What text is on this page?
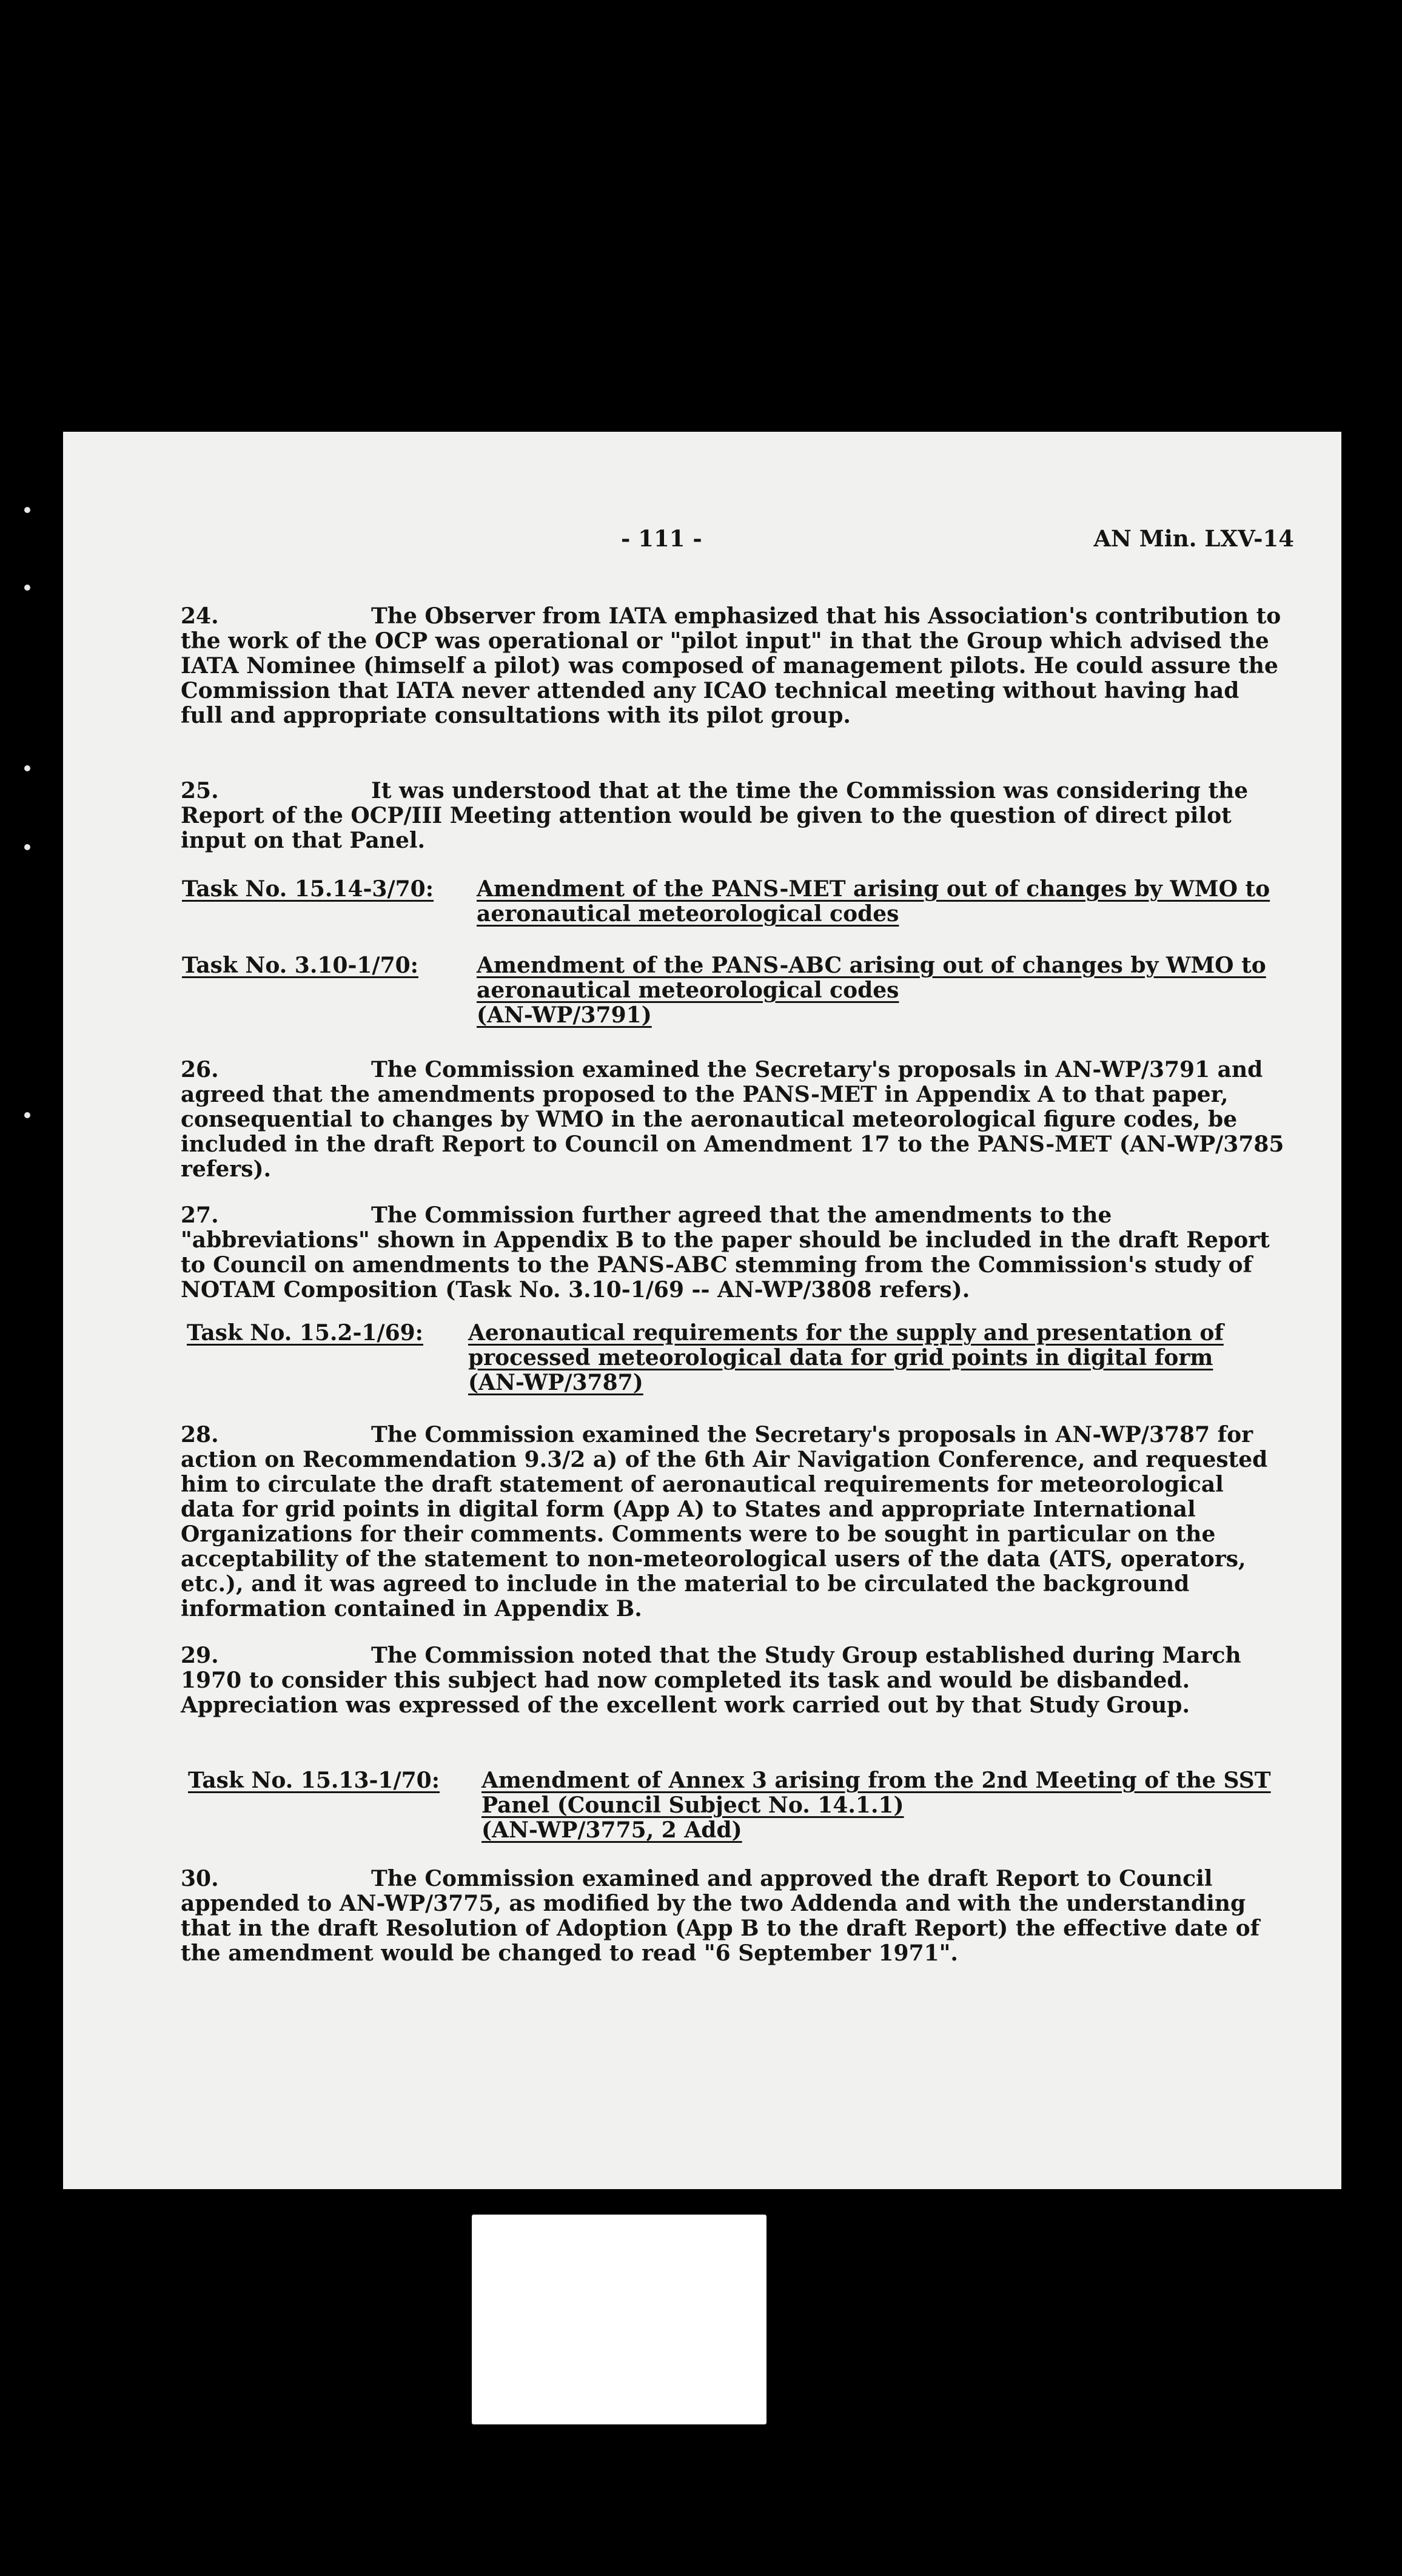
- 111 -	AN Min. LXV-14

24.	The Observer from IATA emphasized that his Association's contribution to the work of the OCP was operational or "pilot input" in that the Group which advised the IATA Nominee (himself a pilot) was composed of management pilots. He could assure the Commission that IATA never attended any ICAO technical meeting without having had full and appropriate consultations with its pilot group.

25.	It was understood that at the time the Commission was considering the Report of the OCP/III Meeting attention would be given to the question of direct pilot input on that Panel.

Task No. 15.14-3/70: Amendment of the PANS-MET arising out of changes by WMO to aeronautical meteorological codes
Task No. 3.10-1/70:	Amendment of the PANS-ABC arising out of changes by WMO to aeronautical meteorological codes
(AN-WP/3791)

26.	The Commission examined the Secretary's proposals in AN-WP/3791 and agreed that the amendments proposed to the PANS-MET in Appendix A to that paper, consequential to changes by WMO in the aeronautical meteorological figure codes, be included in the draft Report to Council on Amendment 17 to the PANS-MET (AN-WP/3785 refers).

27.	The Commission further agreed that the amendments to the "abbreviations" shown in Appendix B to the paper should be included in the draft Report to Council on amendments to the PANS-ABC stemming from the Commission's study of NOTAM Composition (Task No. 3.10-1/69 -- AN-WP/3808 refers).

Task No. 15.2-1/69: Aeronautical requirements for the supply and presentation of processed meteorological data for grid points in digital form
(AN-WP/3787)

28.	The Commission examined the Secretary's proposals in AN-WP/3787 for action on Recommendation 9.3/2 a) of the 6th Air Navigation Conference, and requested him to circulate the draft statement of aeronautical requirements for meteorological data for grid points in digital form (App A) to States and appropriate International Organizations for their comments. Comments were to be sought in particular on the acceptability of the statement to non-meteorological users of the data (ATS, operators, etc.), and it was agreed to include in the material to be circulated the background information contained in Appendix B.

29.	The Commission noted that the Study Group established during March 1970 to consider this subject had now completed its task and would be disbanded. Appreciation was expressed of the excellent work carried out by that Study Group.

Task No. 15.13-1/70: Amendment of Annex 3 arising from the 2nd Meeting of the SST Panel (Council Subject No. 14.1.1)
(AN-WP/3775, 2 Add)

30.	The Commission examined and approved the draft Report to Council appended to AN-WP/3775, as modified by the two Addenda and with the understanding that in the draft Resolution of Adoption (App B to the draft Report) the effective date of the amendment would be changed to read "6 September 1971".
